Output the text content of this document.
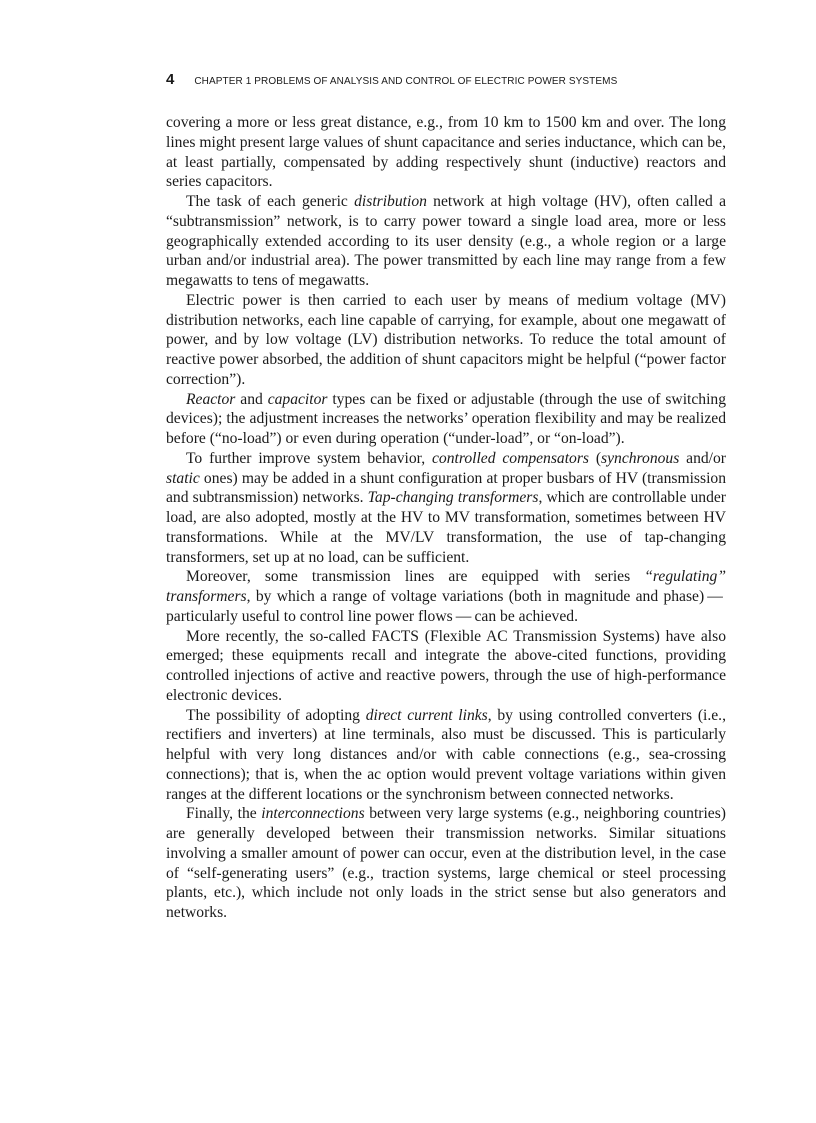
4 CHAPTER 1 PROBLEMS OF ANALYSIS AND CONTROL OF ELECTRIC POWER SYSTEMS

covering a more or less great distance, e.g., from 10 km to 1500 km and over. The long lines might present large values of shunt capacitance and series inductance, which can be, at least partially, compensated by adding respectively shunt (inductive) reactors and series capacitors.

The task of each generic distribution network at high voltage (HV), often called a “subtransmission” network, is to carry power toward a single load area, more or less geographically extended according to its user density (e.g., a whole region or a large urban and/or industrial area). The power transmitted by each line may range from a few megawatts to tens of megawatts.

Electric power is then carried to each user by means of medium voltage (MV) distribution networks, each line capable of carrying, for example, about one megawatt of power, and by low voltage (LV) distribution networks. To reduce the total amount of reactive power absorbed, the addition of shunt capacitors might be helpful (“power factor correction”).

Reactor and capacitor types can be fixed or adjustable (through the use of switching devices); the adjustment increases the networks’ operation flexibility and may be realized before (“no-load”) or even during operation (“under-load”, or “on-load”).

To further improve system behavior, controlled compensators (synchronous and/or static ones) may be added in a shunt configuration at proper busbars of HV (transmission and subtransmission) networks. Tap-changing transformers, which are controllable under load, are also adopted, mostly at the HV to MV transformation, sometimes between HV transformations. While at the MV/LV transformation, the use of tap-changing transformers, set up at no load, can be sufficient.

Moreover, some transmission lines are equipped with series “regulating” transformers, by which a range of voltage variations (both in magnitude and phase) — particularly useful to control line power flows — can be achieved.

More recently, the so-called FACTS (Flexible AC Transmission Systems) have also emerged; these equipments recall and integrate the above-cited functions, providing controlled injections of active and reactive powers, through the use of high-performance electronic devices.

The possibility of adopting direct current links, by using controlled converters (i.e., rectifiers and inverters) at line terminals, also must be discussed. This is particularly helpful with very long distances and/or with cable connections (e.g., sea-crossing connections); that is, when the ac option would prevent voltage variations within given ranges at the different locations or the synchronism between connected networks.

Finally, the interconnections between very large systems (e.g., neighboring countries) are generally developed between their transmission networks. Similar situations involving a smaller amount of power can occur, even at the distribution level, in the case of “self-generating users” (e.g., traction systems, large chemical or steel processing plants, etc.), which include not only loads in the strict sense but also generators and networks.
